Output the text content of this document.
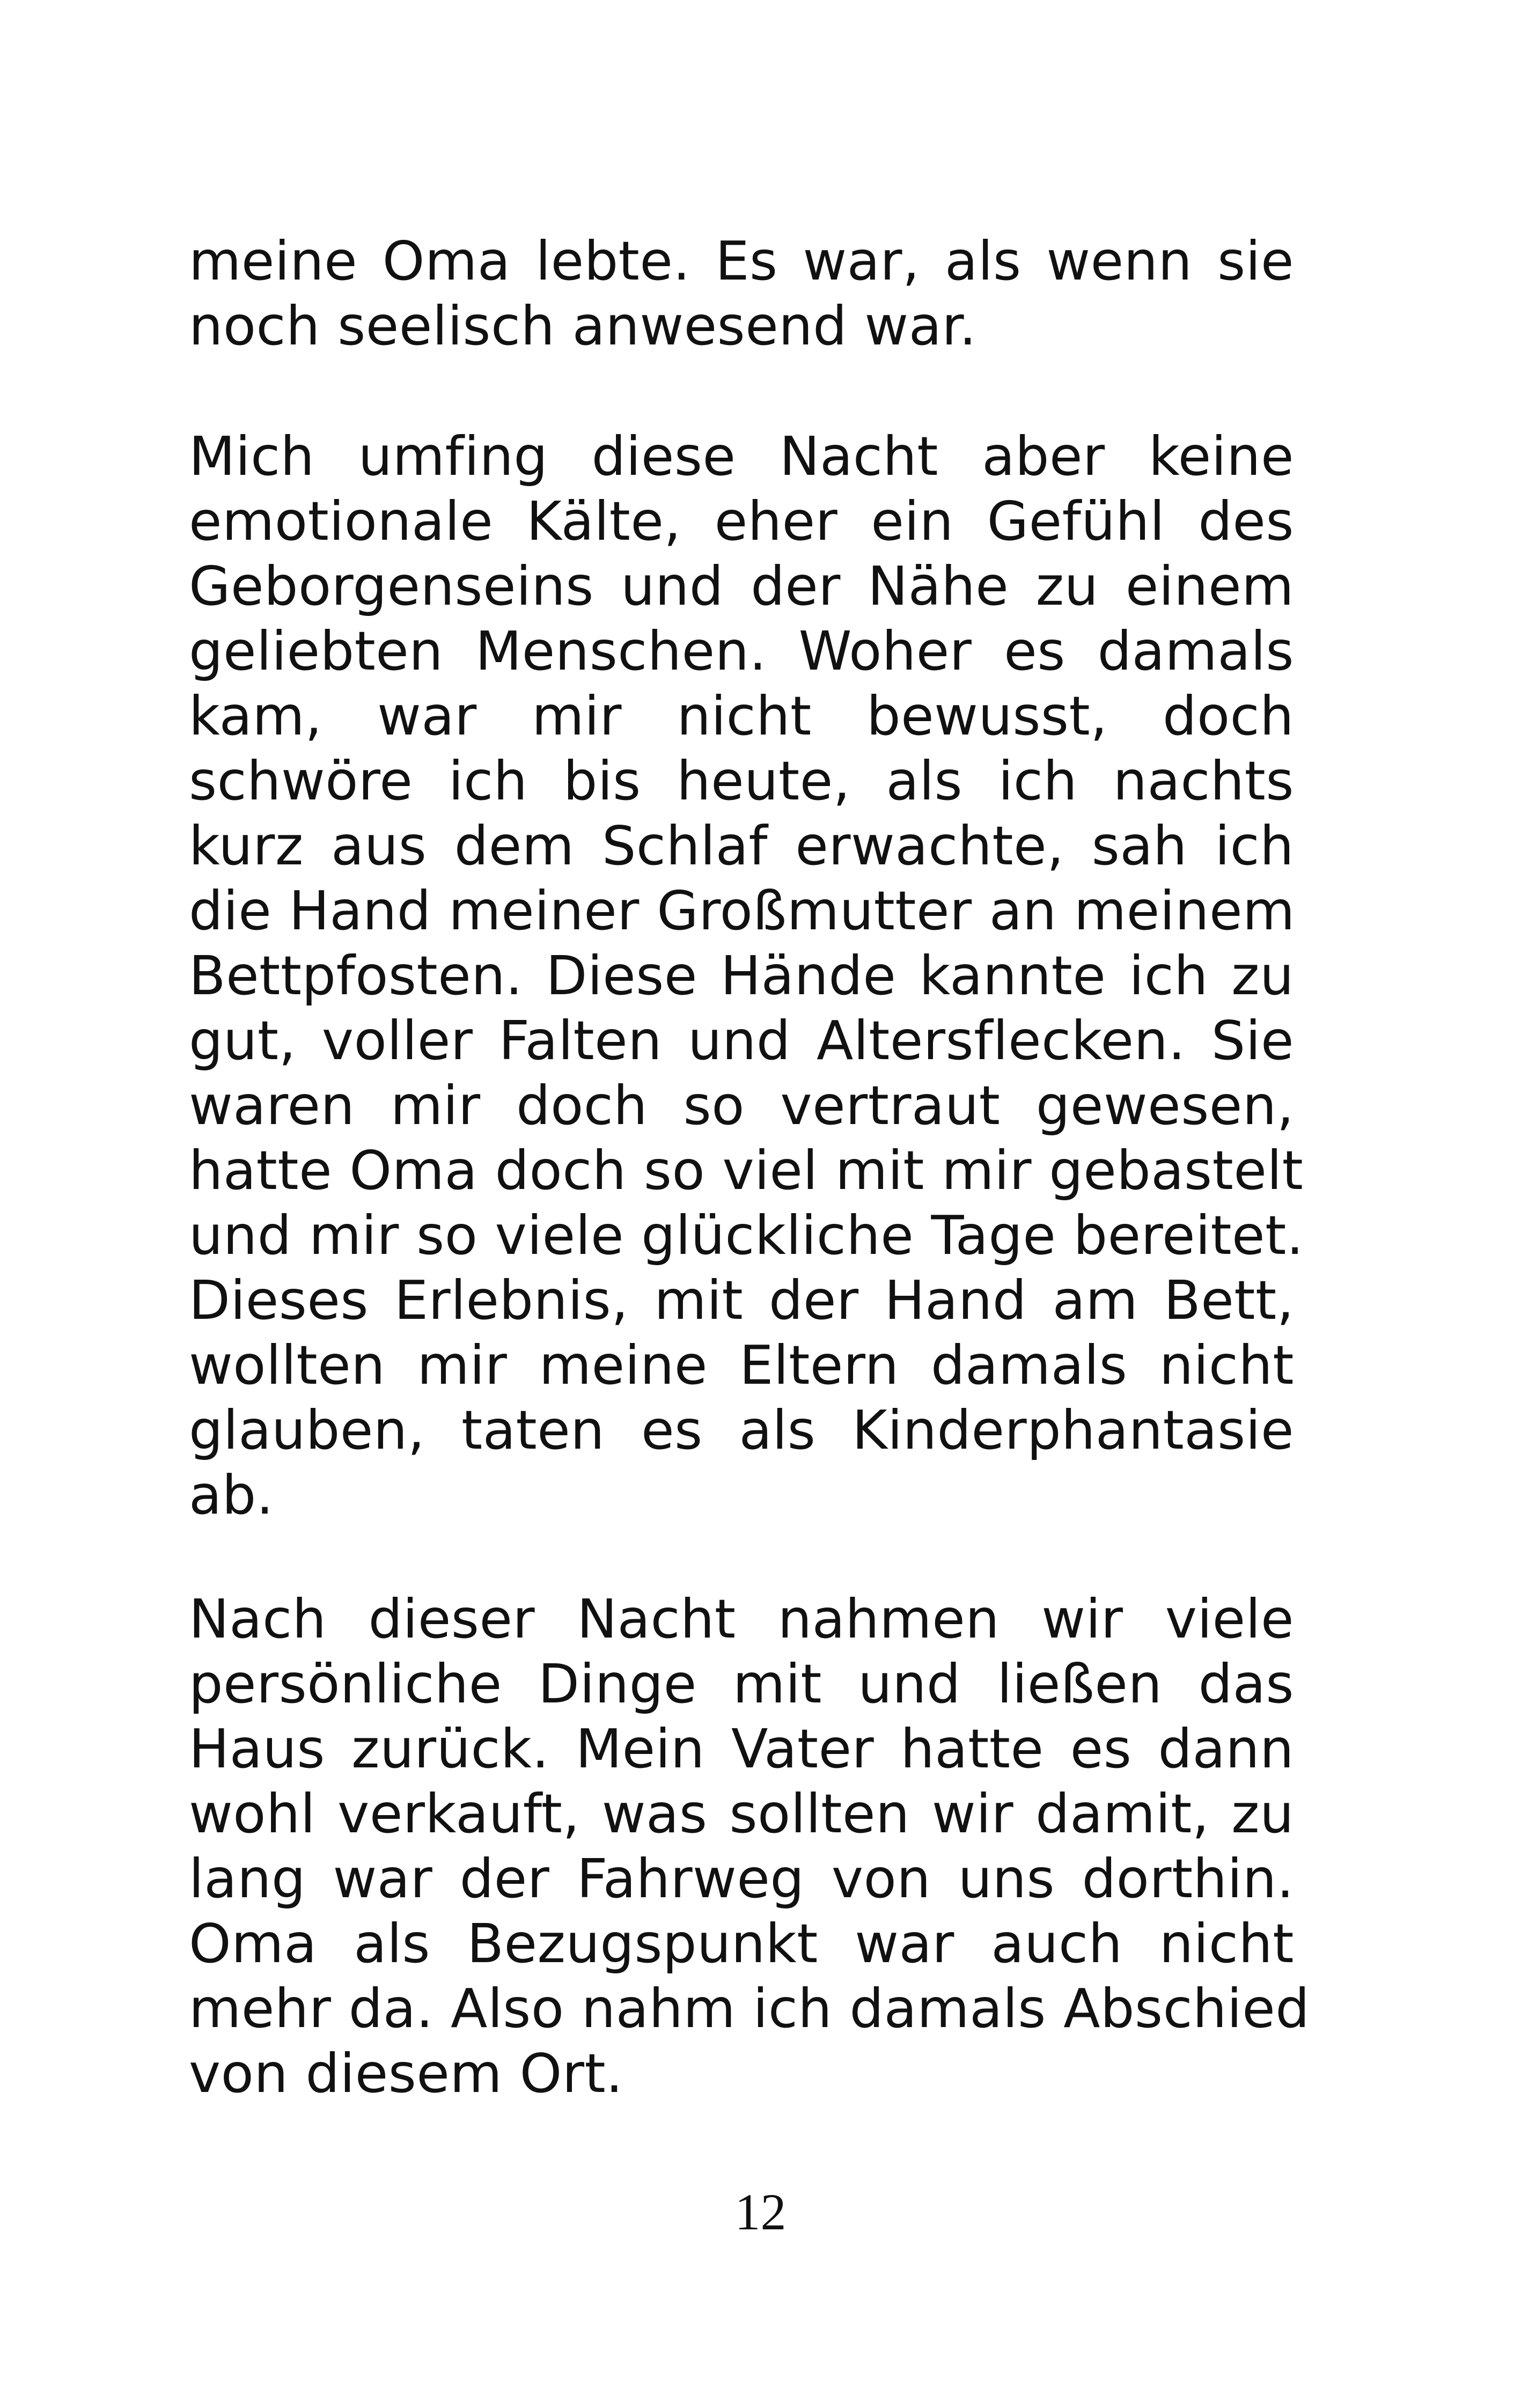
meine Oma lebte. Es war, als wenn sie
noch seelisch anwesend war.
Mich umfing diese Nacht aber keine
emotionale Kälte, eher ein Gefühl des
Geborgenseins und der Nähe zu einem
geliebten Menschen. Woher es damals
kam, war mir nicht bewusst, doch
schwöre ich bis heute, als ich nachts
kurz aus dem Schlaf erwachte, sah ich
die Hand meiner Großmutter an meinem
Bettpfosten. Diese Hände kannte ich zu
gut, voller Falten und Altersflecken. Sie
waren mir doch so vertraut gewesen,
hatte Oma doch so viel mit mir gebastelt
und mir so viele glückliche Tage bereitet.
Dieses Erlebnis, mit der Hand am Bett,
wollten mir meine Eltern damals nicht
glauben, taten es als Kinderphantasie
ab.
Nach dieser Nacht nahmen wir viele
persönliche Dinge mit und ließen das
Haus zurück. Mein Vater hatte es dann
wohl verkauft, was sollten wir damit, zu
lang war der Fahrweg von uns dorthin.
Oma als Bezugspunkt war auch nicht
mehr da. Also nahm ich damals Abschied
von diesem Ort.
12
